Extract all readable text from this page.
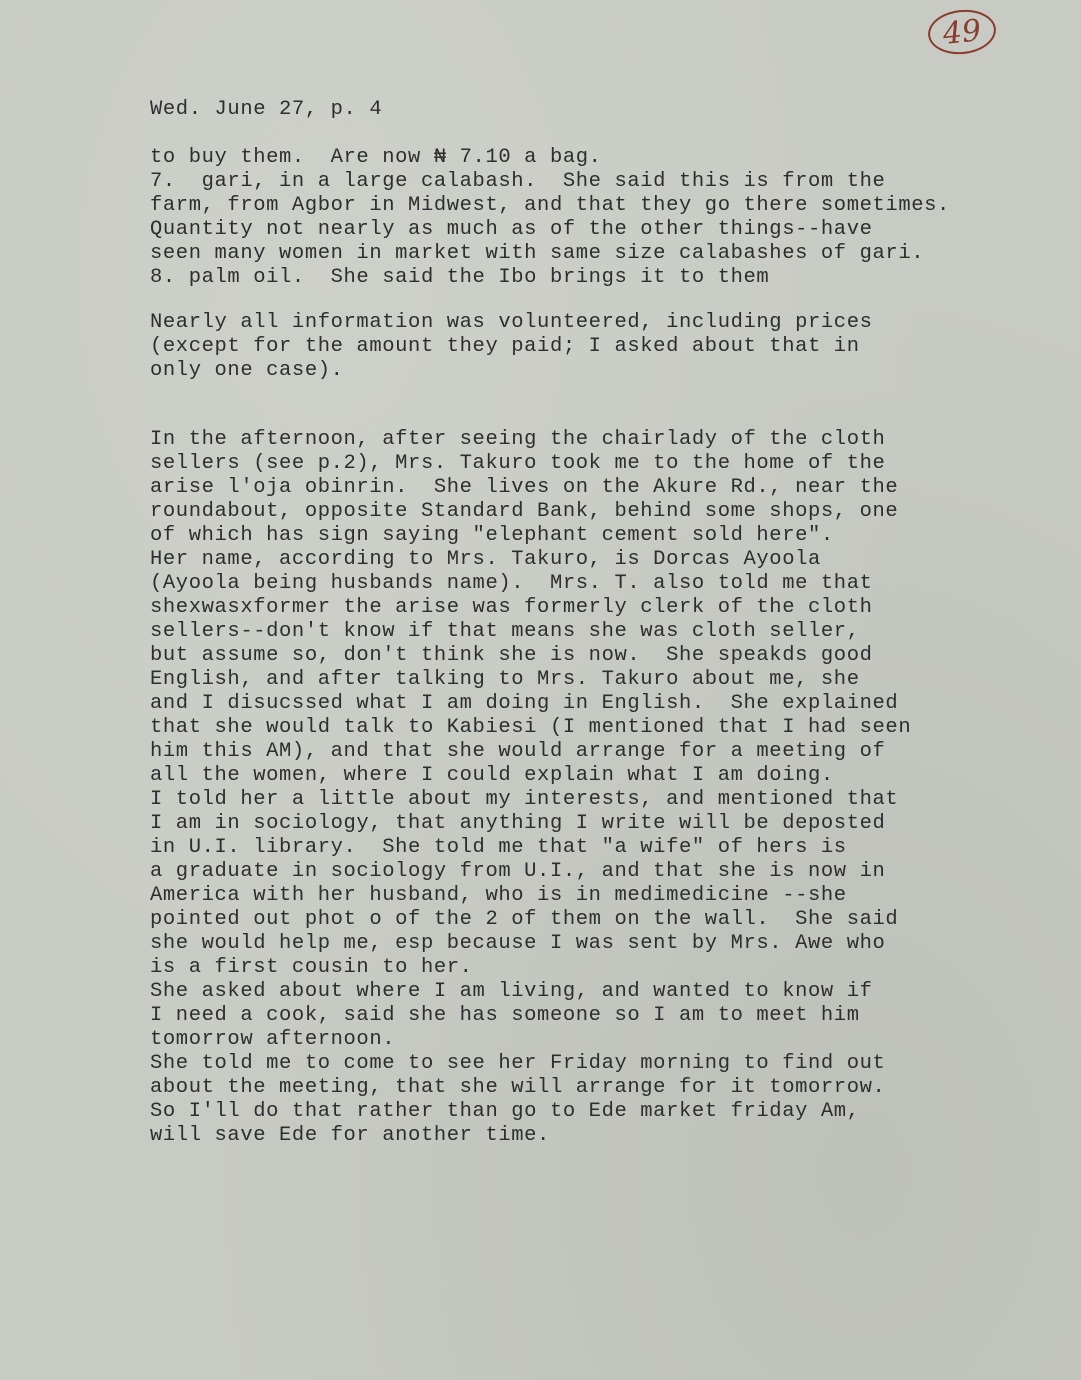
49
Wed. June 27, p. 4
to buy them.  Are now ₦ 7.10 a bag.
7.  gari, in a large calabash.  She said this is from the
farm, from Agbor in Midwest, and that they go there sometimes.
Quantity not nearly as much as of the other things--have
seen many women in market with same size calabashes of gari.
8. palm oil.  She said the Ibo brings it to them
Nearly all information was volunteered, including prices
(except for the amount they paid; I asked about that in
only one case).
In the afternoon, after seeing the chairlady of the cloth
sellers (see p.2), Mrs. Takuro took me to the home of the
arise l'oja obinrin.  She lives on the Akure Rd., near the
roundabout, opposite Standard Bank, behind some shops, one
of which has sign saying "elephant cement sold here".
Her name, according to Mrs. Takuro, is Dorcas Ayoola
(Ayoola being husbands name).  Mrs. T. also told me that
shexwasxformer the arise was formerly clerk of the cloth
sellers--don't know if that means she was cloth seller,
but assume so, don't think she is now.  She speakds good
English, and after talking to Mrs. Takuro about me, she
and I disucssed what I am doing in English.  She explained
that she would talk to Kabiesi (I mentioned that I had seen
him this AM), and that she would arrange for a meeting of
all the women, where I could explain what I am doing.
I told her a little about my interests, and mentioned that
I am in sociology, that anything I write will be deposted
in U.I. library.  She told me that "a wife" of hers is
a graduate in sociology from U.I., and that she is now in
America with her husband, who is in medimedicine --she
pointed out phot o of the 2 of them on the wall.  She said
she would help me, esp because I was sent by Mrs. Awe who
is a first cousin to her.
She asked about where I am living, and wanted to know if
I need a cook, said she has someone so I am to meet him
tomorrow afternoon.
She told me to come to see her Friday morning to find out
about the meeting, that she will arrange for it tomorrow.
So I'll do that rather than go to Ede market friday Am,
will save Ede for another time.
